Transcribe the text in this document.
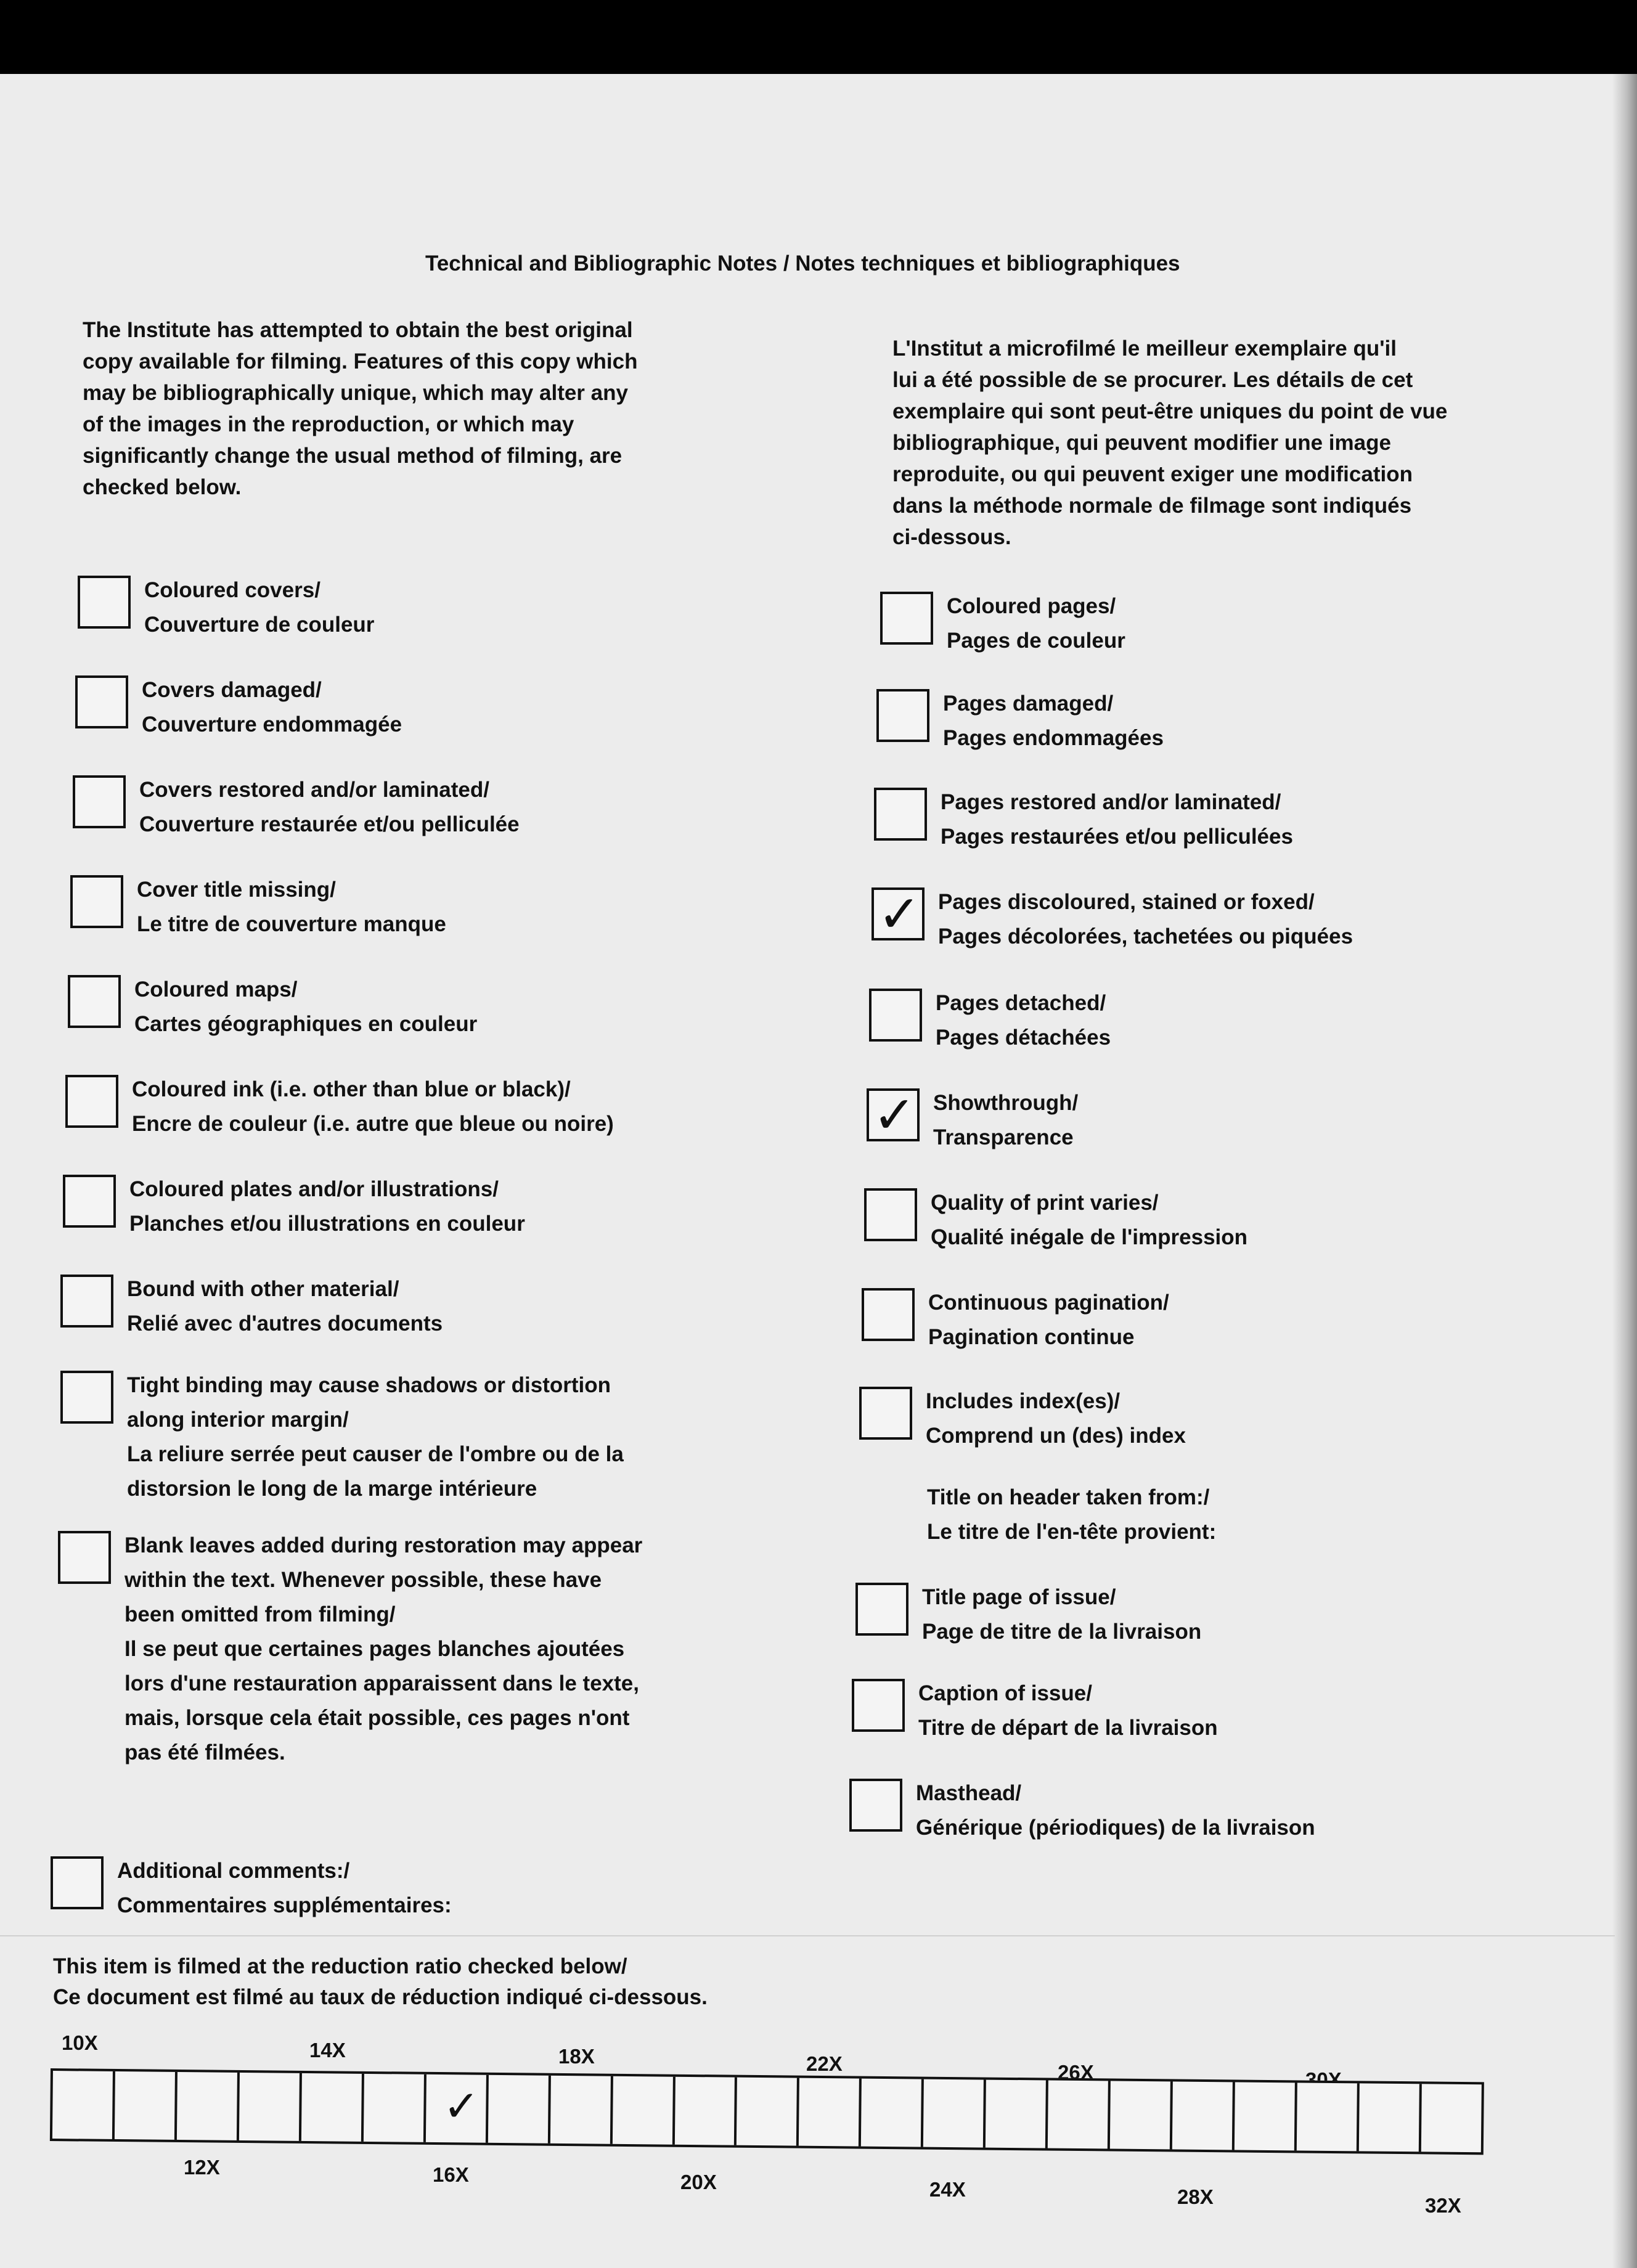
Technical and Bibliographic Notes / Notes techniques et bibliographiques
The Institute has attempted to obtain the best original
copy available for filming. Features of this copy which
may be bibliographically unique, which may alter any
of the images in the reproduction, or which may
significantly change the usual method of filming, are
checked below.
L'Institut a microfilmé le meilleur exemplaire qu'il
lui a été possible de se procurer. Les détails de cet
exemplaire qui sont peut-être uniques du point de vue
bibliographique, qui peuvent modifier une image
reproduite, ou qui peuvent exiger une modification
dans la méthode normale de filmage sont indiqués
ci-dessous.
Coloured covers/
Couverture de couleur
Covers damaged/
Couverture endommagée
Covers restored and/or laminated/
Couverture restaurée et/ou pelliculée
Cover title missing/
Le titre de couverture manque
Coloured maps/
Cartes géographiques en couleur
Coloured ink (i.e. other than blue or black)/
Encre de couleur (i.e. autre que bleue ou noire)
Coloured plates and/or illustrations/
Planches et/ou illustrations en couleur
Bound with other material/
Relié avec d'autres documents
Tight binding may cause shadows or distortion
along interior margin/
La reliure serrée peut causer de l'ombre ou de la
distorsion le long de la marge intérieure
Blank leaves added during restoration may appear
within the text. Whenever possible, these have
been omitted from filming/
Il se peut que certaines pages blanches ajoutées
lors d'une restauration apparaissent dans le texte,
mais, lorsque cela était possible, ces pages n'ont
pas été filmées.
Additional comments:/
Commentaires supplémentaires:
Coloured pages/
Pages de couleur
Pages damaged/
Pages endommagées
Pages restored and/or laminated/
Pages restaurées et/ou pelliculées
✓ Pages discoloured, stained or foxed/
Pages décolorées, tachetées ou piquées
Pages detached/
Pages détachées
✓ Showthrough/
Transparence
Quality of print varies/
Qualité inégale de l'impression
Continuous pagination/
Pagination continue
Includes index(es)/
Comprend un (des) index
Title page of issue/
Page de titre de la livraison
Caption of issue/
Titre de départ de la livraison
Masthead/
Générique (périodiques) de la livraison
Title on header taken from:/
Le titre de l'en-tête provient:
This item is filmed at the reduction ratio checked below/
Ce document est filmé au taux de réduction indiqué ci-dessous.
10X	14X	18X	22X	26X	30X
12X	16X	20X	24X	28X	32X
✓
